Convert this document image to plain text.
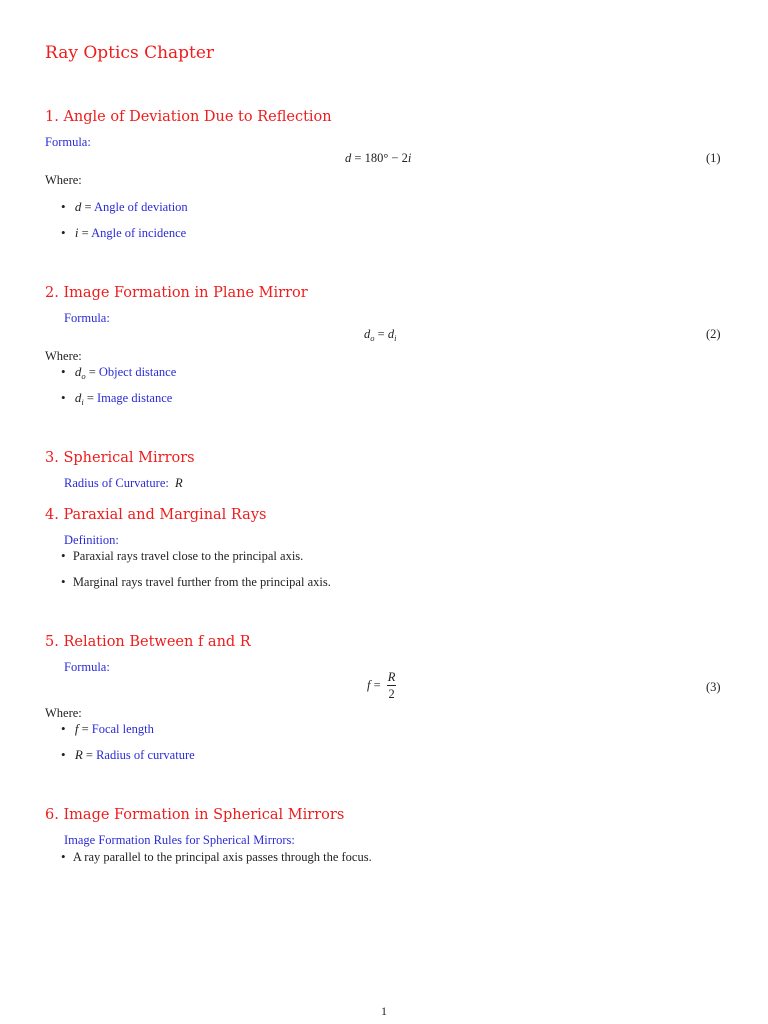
Ray Optics Chapter
1. Angle of Deviation Due to Reflection
Formula:
d = 180° − 2i	(1)
Where:
• d = Angle of deviation
• i = Angle of incidence
2. Image Formation in Plane Mirror
Formula:
$d_o = d_i$	(2)
Where:
• $d_o$ = Object distance
• $d_i$ = Image distance
3. Spherical Mirrors
Radius of Curvature: R
4. Paraxial and Marginal Rays
Definition:
• Paraxial rays travel close to the principal axis.
• Marginal rays travel further from the principal axis.
5. Relation Between f and R
Formula:
$f = \frac{R}{2}$	(3)
Where:
• f = Focal length
• R = Radius of curvature
6. Image Formation in Spherical Mirrors
Image Formation Rules for Spherical Mirrors:
• A ray parallel to the principal axis passes through the focus.
1
